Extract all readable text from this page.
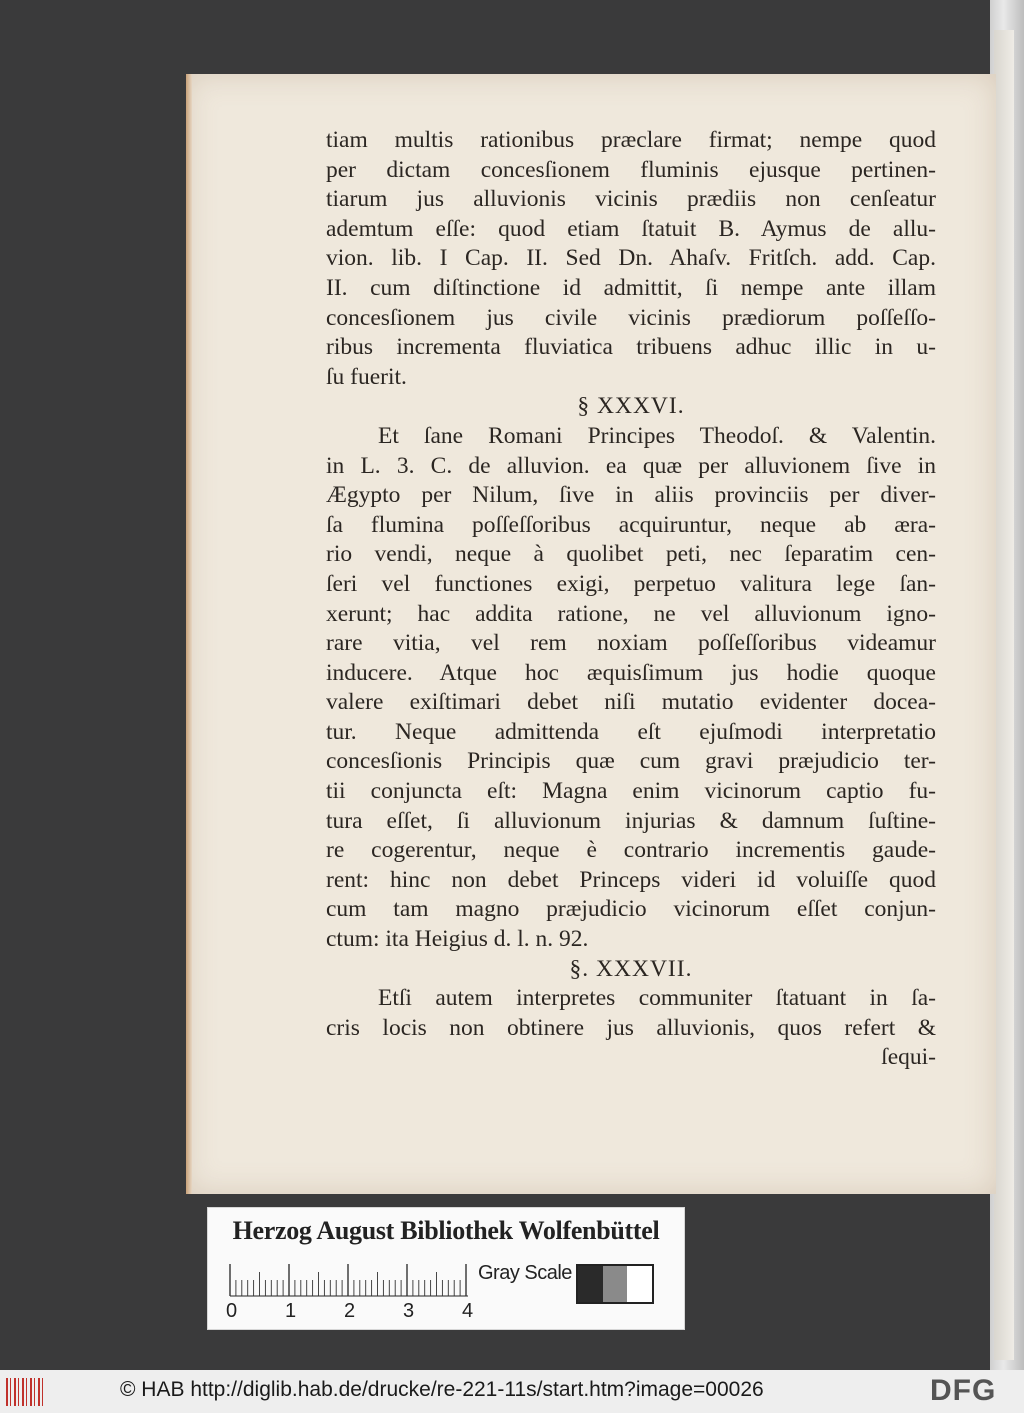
tiam multis rationibus præclare firmat; nempe quod
per dictam concesſionem fluminis ejusque pertinen-
tiarum jus alluvionis vicinis prædiis non cenſeatur
ademtum eſſe: quod etiam ſtatuit B. Aymus de allu-
vion. lib. I Cap. II. Sed Dn. Ahaſv. Fritſch. add. Cap.
II. cum diſtinctione id admittit, ſi nempe ante illam
concesſionem jus civile vicinis prædiorum poſſeſſo-
ribus incrementa fluviatica tribuens adhuc illic in u-
ſu fuerit.
§ XXXVI.
Et ſane Romani Principes Theodoſ. & Valentin.
in L. 3. C. de alluvion. ea quæ per alluvionem ſive in
Ægypto per Nilum, ſive in aliis provinciis per diver-
ſa flumina poſſeſſoribus acquiruntur, neque ab æra-
rio vendi, neque à quolibet peti, nec ſeparatim cen-
ſeri vel functiones exigi, perpetuo valitura lege ſan-
xerunt; hac addita ratione, ne vel alluvionum igno-
rare vitia, vel rem noxiam poſſeſſoribus videamur
inducere. Atque hoc æquisſimum jus hodie quoque
valere exiſtimari debet niſi mutatio evidenter docea-
tur. Neque admittenda eſt ejuſmodi interpretatio
concesſionis Principis quæ cum gravi præjudicio ter-
tii conjuncta eſt: Magna enim vicinorum captio fu-
tura eſſet, ſi alluvionum injurias & damnum ſuſtine-
re cogerentur, neque è contrario incrementis gaude-
rent: hinc non debet Princeps videri id voluiſſe quod
cum tam magno præjudicio vicinorum eſſet conjun-
ctum: ita Heigius d. l. n. 92.
§. XXXVII.
Etſi autem interpretes communiter ſtatuant in ſa-
cris locis non obtinere jus alluvionis, quos refert &
ſequi-
Herzog August Bibliothek Wolfenbüttel
Gray Scale
0 1 2 3 4
© HAB http://diglib.hab.de/drucke/re-221-11s/start.htm?image=00026	DFG
